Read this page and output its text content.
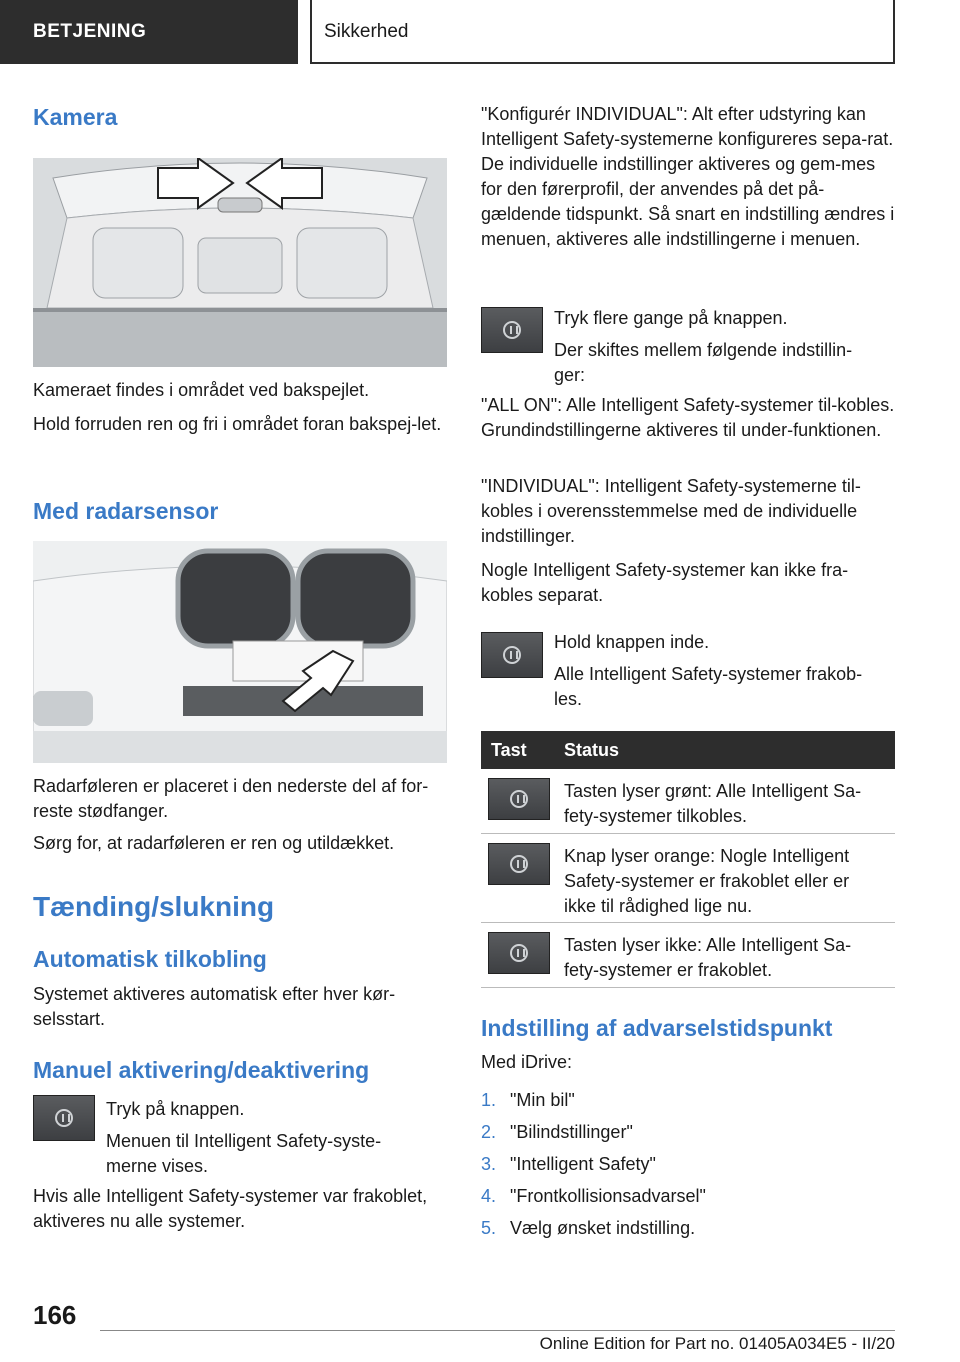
BETJENING	Sikkerhed
Kamera

Kameraet findes i området ved bakspejlet.

Hold forruden ren og fri i området foran bakspej-let.

Med radarsensor

Radarføleren er placeret i den nederste del af for-reste stødfanger.

Sørg for, at radarføleren er ren og utildækket.

Tænding/slukning
Automatisk tilkobling

Systemet aktiveres automatisk efter hver kør-selsstart.

Manuel aktivering/deaktivering

Tryk på knappen.

Menuen til Intelligent Safety-syste-merne vises.

Hvis alle Intelligent Safety-systemer var frakoblet, aktiveres nu alle systemer.

"Konfigurér INDIVIDUAL": Alt efter udstyring kan Intelligent Safety-systemerne konfigureres sepa-rat. De individuelle indstillinger aktiveres og gem-mes for den førerprofil, der anvendes på det på-gældende tidspunkt. Så snart en indstilling ændres i menuen, aktiveres alle indstillingerne i menuen.

Tryk flere gange på knappen.

Der skiftes mellem følgende indstillin-ger:

"ALL ON": Alle Intelligent Safety-systemer til-kobles. Grundindstillingerne aktiveres til under-funktionen.

"INDIVIDUAL": Intelligent Safety-systemerne til-kobles i overensstemmelse med de individuelle indstillinger.

Nogle Intelligent Safety-systemer kan ikke fra-kobles separat.

Hold knappen inde.

Alle Intelligent Safety-systemer frakob-les.

Tast Status

Tasten lyser grønt: Alle Intelligent Sa-fety-systemer tilkobles.

Knap lyser orange: Nogle Intelligent Safety-systemer er frakoblet eller er ikke til rådighed lige nu.

Tasten lyser ikke: Alle Intelligent Sa-fety-systemer er frakoblet.

Indstilling af advarselstidspunkt

Med iDrive:

1. "Min bil"
2. "Bilindstillinger"
3. "Intelligent Safety"
4. "Frontkollisionsadvarsel"
5. Vælg ønsket indstilling.
166
Online Edition for Part no. 01405A034E5 - II/20
